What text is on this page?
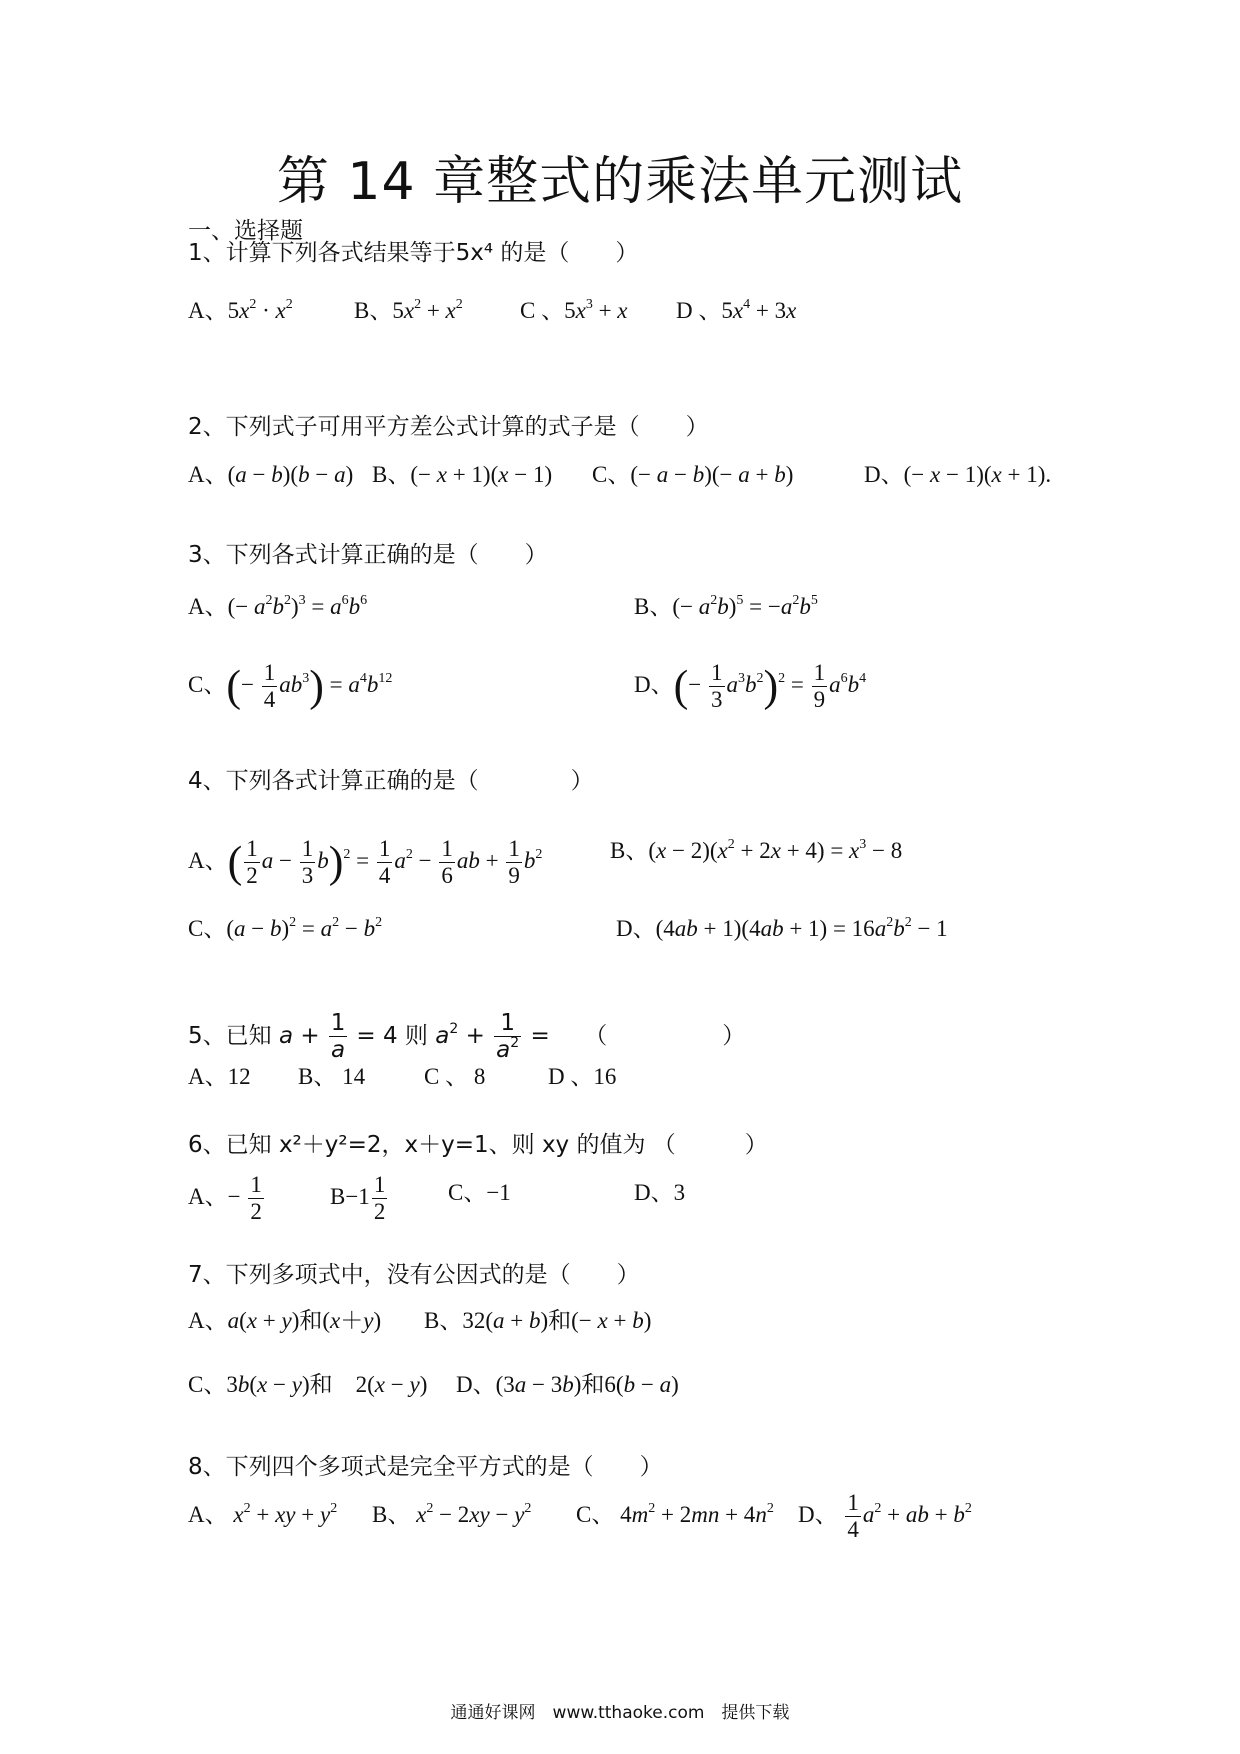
第 14 章整式的乘法单元测试
一、选择题
1、计算下列各式结果等于5x⁴ 的是（　　）
A、$5x^2 \cdot x^2$	B、$5x^2 + x^2$ C 、$5x^3 + x$ D 、$5x^4 + 3x$
2、下列式子可用平方差公式计算的式子是（　　）
A、(a − b)(b − a) B、(− x + 1)(x − 1) C、(− a − b)(− a + b)	D、(− x − 1)(x + 1).
3、下列各式计算正确的是（　　）
A、(− $a^2b^2)^3 = a^6b^6$	B、(− $a^2b)^5 = -a^2b^5$
C、(− $\frac{1}{4} ab^3) = a^4b^{12}$	D、(− $\frac{1}{3} a^3b^2)^2 = \frac{1}{9} a^6b^4$
4、下列各式计算正确的是（　　　　）
A、( $\frac{1}{2}$ $a - \frac{1}{3} b)^2 = \frac{1}{4} a^2 - \frac{1}{6}$ ab + $\frac{1}{9} b^2$	B、$(x - 2)(x^2 + 2x + 4) = x^3 - 8$
C、$(a - b)^2 = a^2 - b^2$	D、$(4ab + 1)(4ab + 1) = 16a^2b^2 - 1$
5、已知 $a + \frac{1}{a} = 4$ 则 $a^2 + \frac{1}{a^2}$ =　　（　　　　　）
A、12 B、 14	C 、 8	D 、16
6、已知 x²＋y²=2，x＋y=1、则 xy 的值为 （　　　）
A、− $\frac{1}{2}$	$B-1 \frac{1}{2}$	C、−1	D、3
7、下列多项式中，没有公因式的是（　　）
A、a(x + y)和(x＋y) B、32(a + b)和(− x + b)
C、3b(x − y)和　2(x − y) D、(3a − 3b)和6(b − a)
8、下列四个多项式是完全平方式的是（　　）
A、 $x^2$ + xy + $y^2$ B、 $x^2 - 2xy - y^2$ C、 $4m^2 + 2mn + 4n^2$ D、 $\frac{1}{4} a^2$ + ab + $b^2$
通通好课网　www.tthaoke.com　提供下载
